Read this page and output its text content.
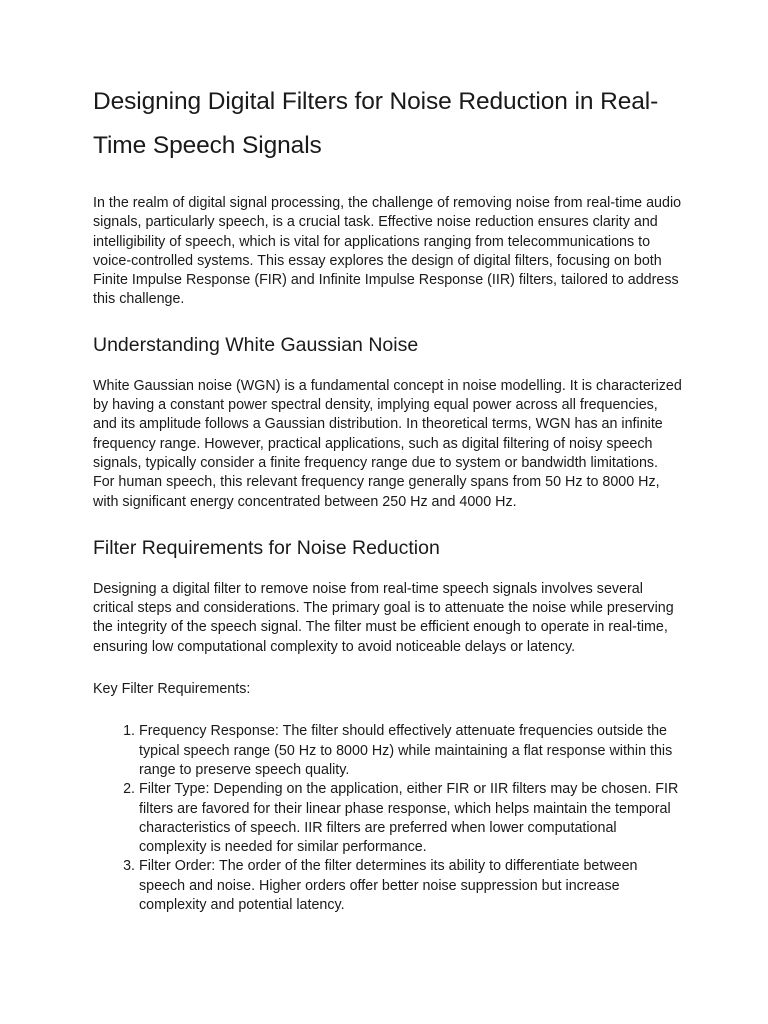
Designing Digital Filters for Noise Reduction in Real-Time Speech Signals

In the realm of digital signal processing, the challenge of removing noise from real-time audio signals, particularly speech, is a crucial task. Effective noise reduction ensures clarity and intelligibility of speech, which is vital for applications ranging from telecommunications to voice-controlled systems. This essay explores the design of digital filters, focusing on both Finite Impulse Response (FIR) and Infinite Impulse Response (IIR) filters, tailored to address this challenge.

Understanding White Gaussian Noise

White Gaussian noise (WGN) is a fundamental concept in noise modelling. It is characterized by having a constant power spectral density, implying equal power across all frequencies, and its amplitude follows a Gaussian distribution. In theoretical terms, WGN has an infinite frequency range. However, practical applications, such as digital filtering of noisy speech signals, typically consider a finite frequency range due to system or bandwidth limitations. For human speech, this relevant frequency range generally spans from 50 Hz to 8000 Hz, with significant energy concentrated between 250 Hz and 4000 Hz.

Filter Requirements for Noise Reduction

Designing a digital filter to remove noise from real-time speech signals involves several critical steps and considerations. The primary goal is to attenuate the noise while preserving the integrity of the speech signal. The filter must be efficient enough to operate in real-time, ensuring low computational complexity to avoid noticeable delays or latency.

Key Filter Requirements:

1. Frequency Response: The filter should effectively attenuate frequencies outside the typical speech range (50 Hz to 8000 Hz) while maintaining a flat response within this range to preserve speech quality.
2. Filter Type: Depending on the application, either FIR or IIR filters may be chosen. FIR filters are favored for their linear phase response, which helps maintain the temporal characteristics of speech. IIR filters are preferred when lower computational complexity is needed for similar performance.
3. Filter Order: The order of the filter determines its ability to differentiate between speech and noise. Higher orders offer better noise suppression but increase complexity and potential latency.
